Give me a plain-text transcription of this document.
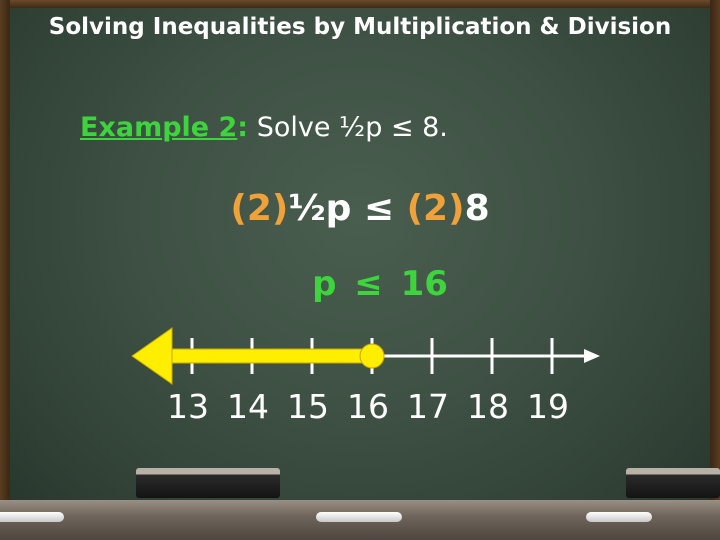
Solving Inequalities by Multiplication & Division
Example 2: Solve ½p ≤ 8.
(2)½p ≤ (2)8
p ≤ 16
13 14 15 16 17 18 19
